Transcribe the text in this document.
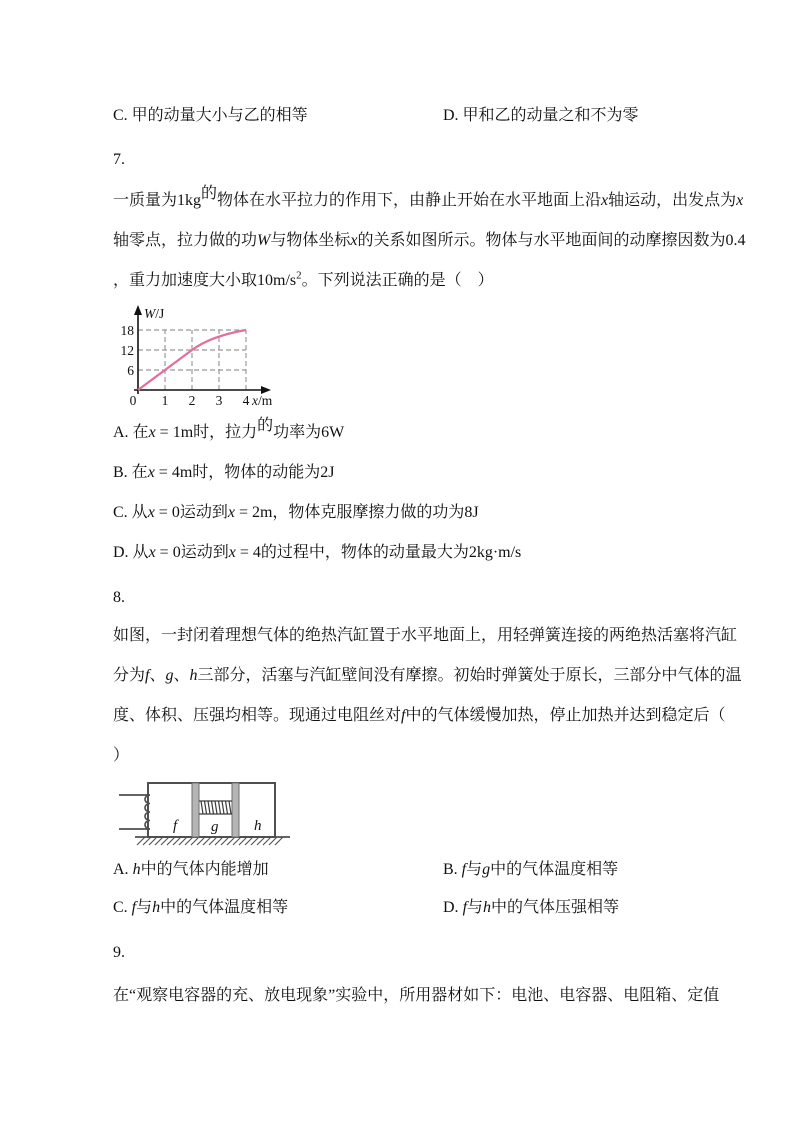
C. 甲的动量大小与乙的相等	D. 甲和乙的动量之和不为零
7.
一质量为1kg的物体在水平拉力的作用下，由静止开始在水平地面上沿x轴运动，出发点为x
轴零点，拉力做的功W与物体坐标x的关系如图所示。物体与水平地面间的动摩擦因数为0.4
，重力加速度大小取$10m/s^2$。下列说法正确的是（　）
18
12
6
0 1 2 3 4
W/J
x/m
A. 在x = 1m时，拉力的功率为6W
B. 在x = 4m时，物体的动能为2J
C. 从x = 0运动到x = 2m，物体克服摩擦力做的功为8J
D. 从x = 0运动到x = 4的过程中，物体的动量最大为2kg·m/s
8.
如图，一封闭着理想气体的绝热汽缸置于水平地面上，用轻弹簧连接的两绝热活塞将汽缸
分为f、g、h三部分，活塞与汽缸壁间没有摩擦。初始时弹簧处于原长，三部分中气体的温
度、体积、压强均相等。现通过电阻丝对f中的气体缓慢加热，停止加热并达到稳定后（
）
f g h
A. h中的气体内能增加	B. f与g中的气体温度相等
C. f与h中的气体温度相等	D. f与h中的气体压强相等
9.
在“观察电容器的充、放电现象”实验中，所用器材如下：电池、电容器、电阻箱、定值
